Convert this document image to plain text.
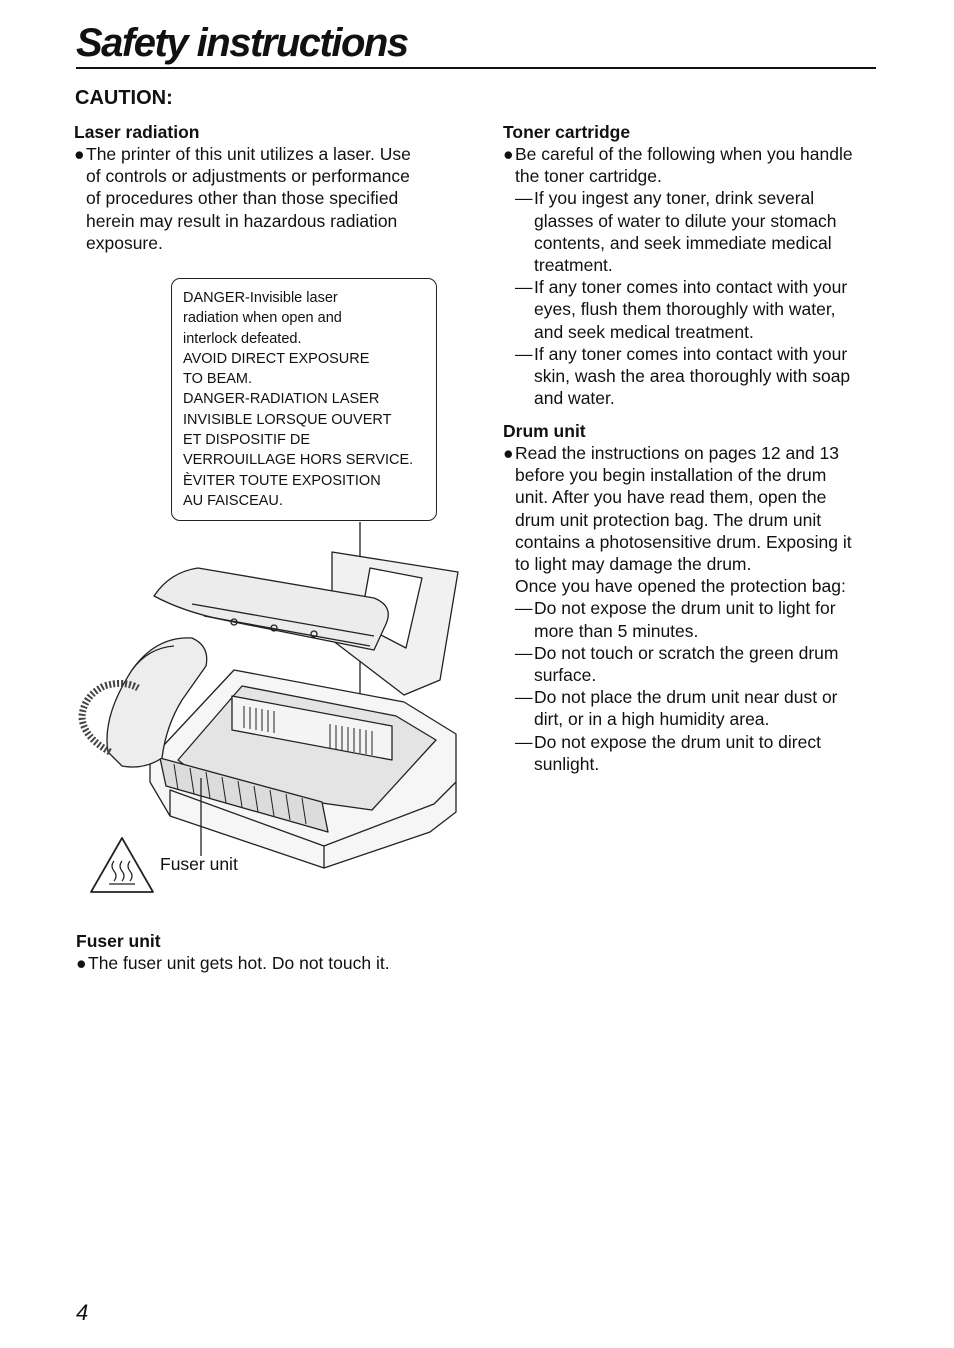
Safety instructions
CAUTION:
Laser radiation
● The printer of this unit utilizes a laser. Use
of controls or adjustments or performance
of procedures other than those specified
herein may result in hazardous radiation
exposure.
DANGER-Invisible laser
radiation when open and
interlock defeated.
AVOID DIRECT EXPOSURE
TO BEAM.
DANGER-RADIATION LASER
INVISIBLE LORSQUE OUVERT
ET DISPOSITIF DE
VERROUILLAGE HORS SERVICE.
ÈVITER TOUTE EXPOSITION
AU FAISCEAU.
Fuser unit
Fuser unit
● The fuser unit gets hot. Do not touch it.
Toner cartridge
● Be careful of the following when you handle
the toner cartridge.
— If you ingest any toner, drink several
glasses of water to dilute your stomach
contents, and seek immediate medical
treatment.
— If any toner comes into contact with your
eyes, flush them thoroughly with water,
and seek medical treatment.
— If any toner comes into contact with your
skin, wash the area thoroughly with soap
and water.
Drum unit
● Read the instructions on pages 12 and 13
before you begin installation of the drum
unit. After you have read them, open the
drum unit protection bag. The drum unit
contains a photosensitive drum. Exposing it
to light may damage the drum.
Once you have opened the protection bag:
— Do not expose the drum unit to light for
more than 5 minutes.
— Do not touch or scratch the green drum
surface.
— Do not place the drum unit near dust or
dirt, or in a high humidity area.
— Do not expose the drum unit to direct
sunlight.
4
